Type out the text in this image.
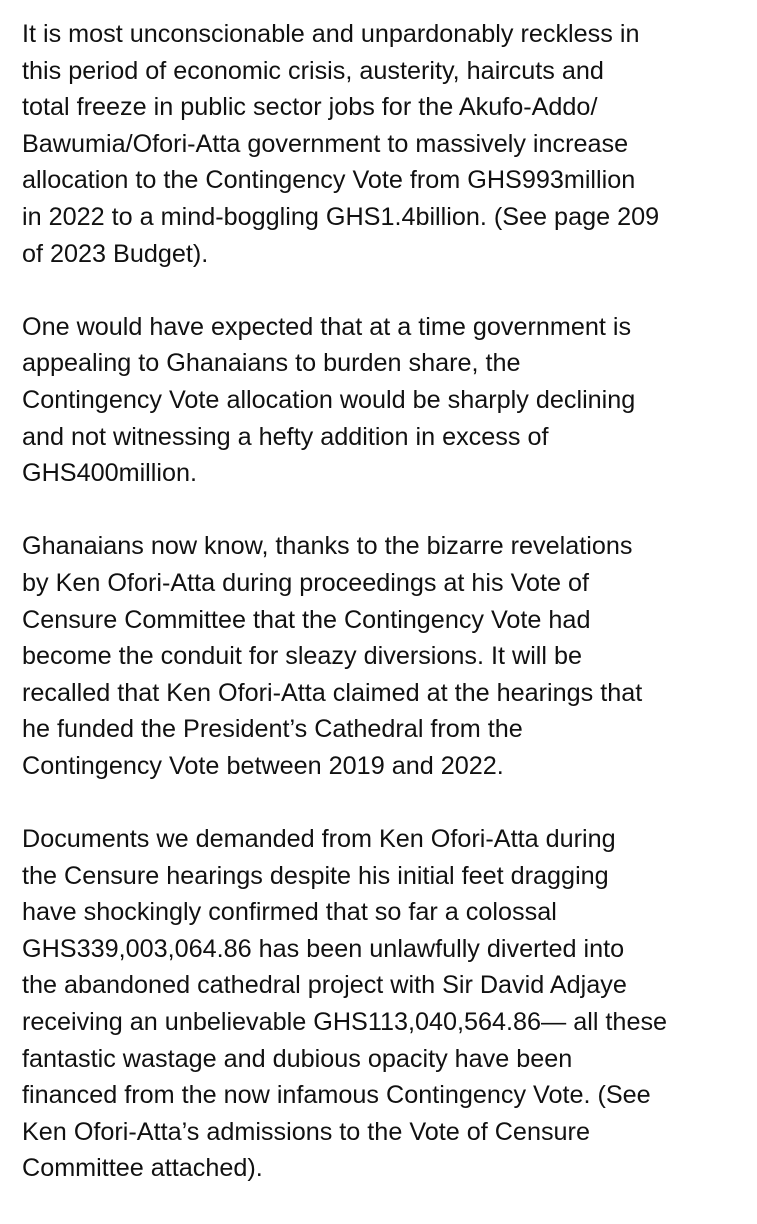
It is most unconscionable and unpardonably reckless in
this period of economic crisis, austerity, haircuts and
total freeze in public sector jobs for the Akufo-Addo/
Bawumia/Ofori-Atta government to massively increase
allocation to the Contingency Vote from GHS993million
in 2022 to a mind-boggling GHS1.4billion. (See page 209
of 2023 Budget).

One would have expected that at a time government is
appealing to Ghanaians to burden share, the
Contingency Vote allocation would be sharply declining
and not witnessing a hefty addition in excess of
GHS400million.

Ghanaians now know, thanks to the bizarre revelations
by Ken Ofori-Atta during proceedings at his Vote of
Censure Committee that the Contingency Vote had
become the conduit for sleazy diversions. It will be
recalled that Ken Ofori-Atta claimed at the hearings that
he funded the President’s Cathedral from the
Contingency Vote between 2019 and 2022.

Documents we demanded from Ken Ofori-Atta during
the Censure hearings despite his initial feet dragging
have shockingly confirmed that so far a colossal
GHS339,003,064.86 has been unlawfully diverted into
the abandoned cathedral project with Sir David Adjaye
receiving an unbelievable GHS113,040,564.86— all these
fantastic wastage and dubious opacity have been
financed from the now infamous Contingency Vote. (See
Ken Ofori-Atta’s admissions to the Vote of Censure
Committee attached).
